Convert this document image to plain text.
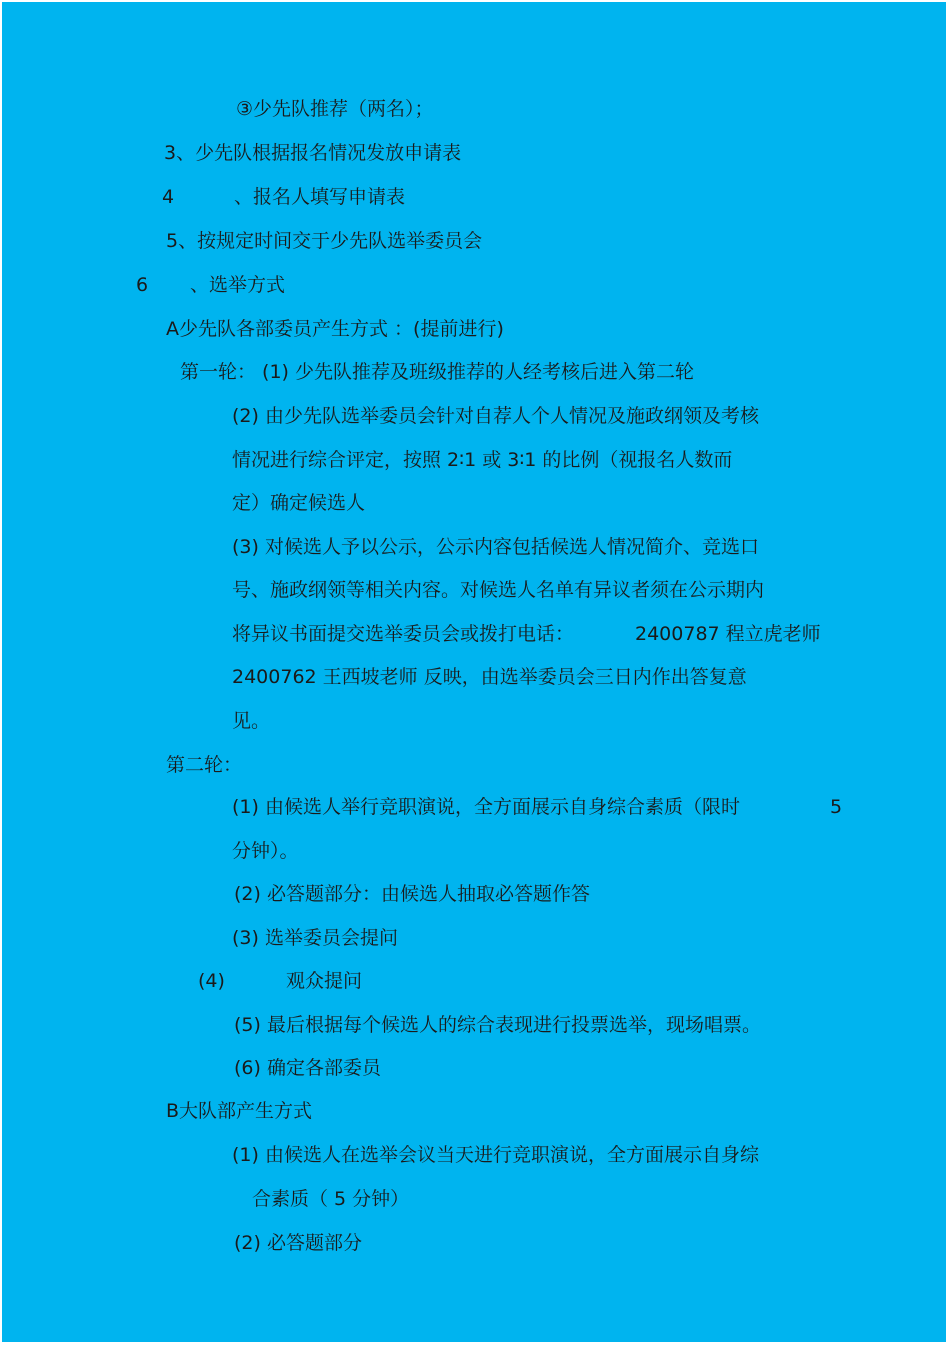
③少先队推荐（两名）；
3、少先队根据报名情况发放申请表
4	、报名人填写申请表
5、按规定时间交于少先队选举委员会
6 、选举方式
A少先队各部委员产生方式 ：(提前进行)
第一轮： (1) 少先队推荐及班级推荐的人经考核后进入第二轮
(2) 由少先队选举委员会针对自荐人个人情况及施政纲领及考核
情况进行综合评定，按照 2∶1 或 3∶1 的比例（视报名人数而
定）确定候选人
(3) 对候选人予以公示，公示内容包括候选人情况简介、竞选口
号、施政纲领等相关内容。对候选人名单有异议者须在公示期内
将异议书面提交选举委员会或拨打电话：	2400787 程立虎老师
2400762 王西坡老师 反映，由选举委员会三日内作出答复意
见。
第二轮：
(1) 由候选人举行竞职演说，全方面展示自身综合素质（限时	5
分钟）。
(2) 必答题部分：由候选人抽取必答题作答
(3) 选举委员会提问
(4)	观众提问
(5) 最后根据每个候选人的综合表现进行投票选举，现场唱票。
(6) 确定各部委员
B大队部产生方式
(1) 由候选人在选举会议当天进行竞职演说，全方面展示自身综
合素质（ 5 分钟）
(2) 必答题部分
